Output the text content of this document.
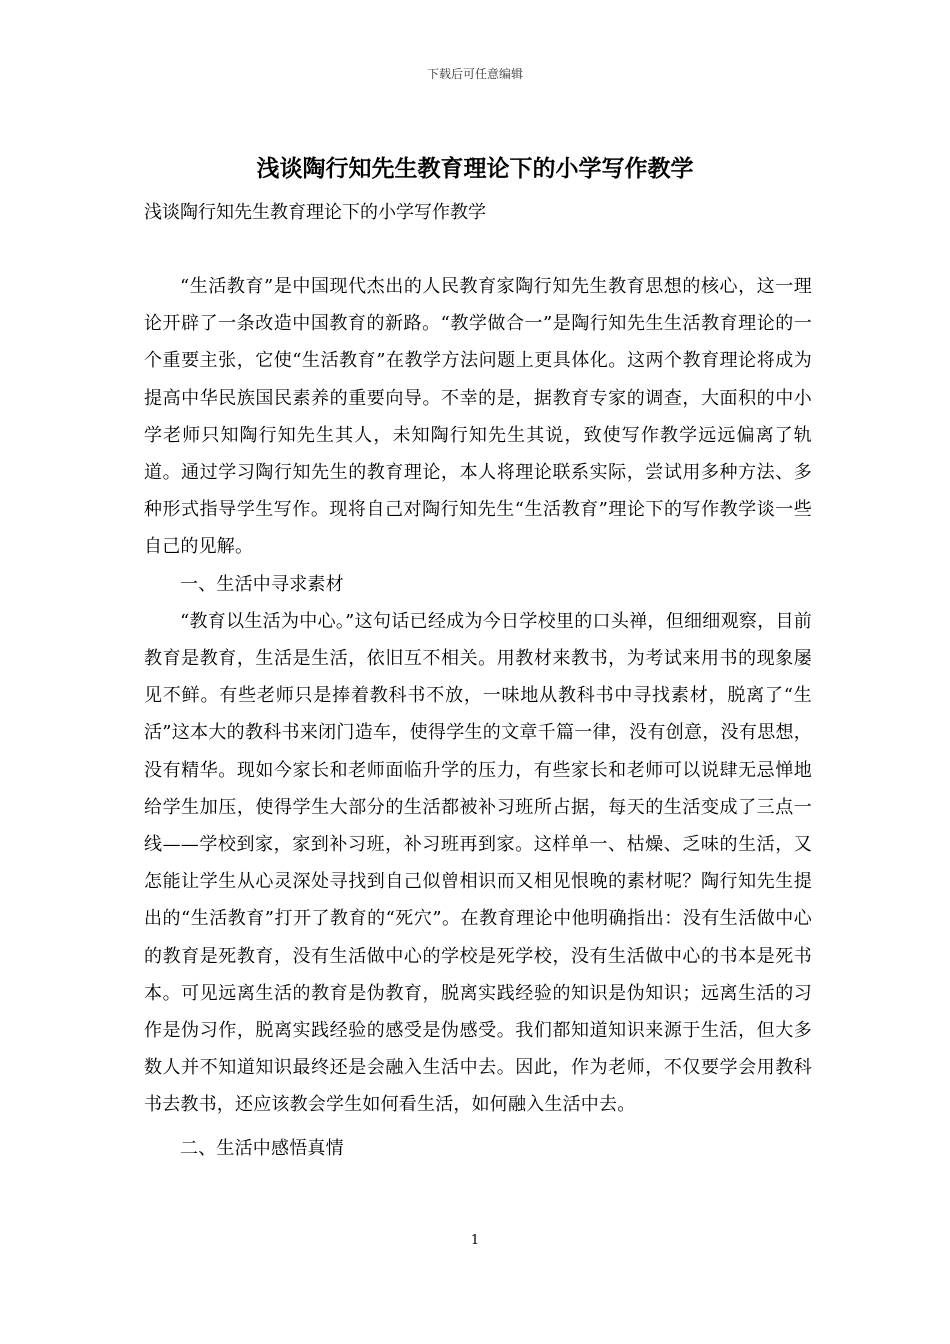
下载后可任意编辑
浅谈陶行知先生教育理论下的小学写作教学

浅谈陶行知先生教育理论下的小学写作教学

“生活教育”是中国现代杰出的人民教育家陶行知先生教育思想的核心，这一理论开辟了一条改造中国教育的新路。“教学做合一”是陶行知先生生活教育理论的一个重要主张，它使“生活教育”在教学方法问题上更具体化。这两个教育理论将成为提高中华民族国民素养的重要向导。不幸的是，据教育专家的调查，大面积的中小学老师只知陶行知先生其人，未知陶行知先生其说，致使写作教学远远偏离了轨道。通过学习陶行知先生的教育理论，本人将理论联系实际，尝试用多种方法、多种形式指导学生写作。现将自己对陶行知先生“生活教育”理论下的写作教学谈一些自己的见解。

一、生活中寻求素材

“教育以生活为中心。”这句话已经成为今日学校里的口头禅，但细细观察，目前教育是教育，生活是生活，依旧互不相关。用教材来教书，为考试来用书的现象屡见不鲜。有些老师只是捧着教科书不放，一味地从教科书中寻找素材，脱离了“生活”这本大的教科书来闭门造车，使得学生的文章千篇一律，没有创意，没有思想，没有精华。现如今家长和老师面临升学的压力，有些家长和老师可以说肆无忌惮地给学生加压，使得学生大部分的生活都被补习班所占据，每天的生活变成了三点一线——学校到家，家到补习班，补习班再到家。这样单一、枯燥、乏味的生活，又怎能让学生从心灵深处寻找到自己似曾相识而又相见恨晚的素材呢？陶行知先生提出的“生活教育”打开了教育的“死穴”。在教育理论中他明确指出：没有生活做中心的教育是死教育，没有生活做中心的学校是死学校，没有生活做中心的书本是死书本。可见远离生活的教育是伪教育，脱离实践经验的知识是伪知识；远离生活的习作是伪习作，脱离实践经验的感受是伪感受。我们都知道知识来源于生活，但大多数人并不知道知识最终还是会融入生活中去。因此，作为老师，不仅要学会用教科书去教书，还应该教会学生如何看生活，如何融入生活中去。

二、生活中感悟真情

1
